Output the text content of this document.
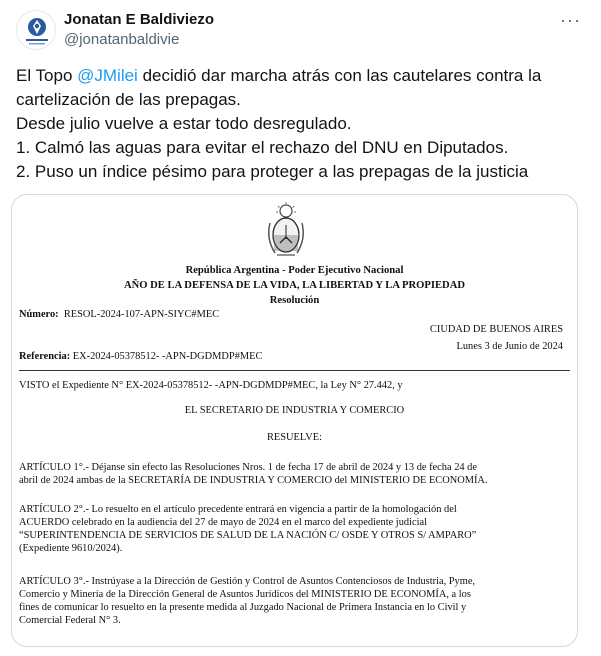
Jonatan E Baldiviezo
@jonatanbaldivie
···
El Topo @JMilei decidió dar marcha atrás con las cautelares contra la
cartelización de las prepagas.
Desde julio vuelve a estar todo desregulado.
1. Calmó las aguas para evitar el rechazo del DNU en Diputados.
2. Puso un índice pésimo para proteger a las prepagas de la justicia
República Argentina - Poder Ejecutivo Nacional
AÑO DE LA DEFENSA DE LA VIDA, LA LIBERTAD Y LA PROPIEDAD
Resolución
Número: RESOL-2024-107-APN-SIYC#MEC
CIUDAD DE BUENOS AIRES
Lunes 3 de Junio de 2024
Referencia: EX-2024-05378512- -APN-DGDMDP#MEC
VISTO el Expediente N° EX-2024-05378512- -APN-DGDMDP#MEC, la Ley N° 27.442, y
EL SECRETARIO DE INDUSTRIA Y COMERCIO
RESUELVE:
ARTÍCULO 1°.- Déjanse sin efecto las Resoluciones Nros. 1 de fecha 17 de abril de 2024 y 13 de fecha 24 de
abril de 2024 ambas de la SECRETARÍA DE INDUSTRIA Y COMERCIO del MINISTERIO DE ECONOMÍA.
ARTÍCULO 2°.- Lo resuelto en el artículo precedente entrará en vigencia a partir de la homologación del
ACUERDO celebrado en la audiencia del 27 de mayo de 2024 en el marco del expediente judicial
“SUPERINTENDENCIA DE SERVICIOS DE SALUD DE LA NACIÓN C/ OSDE Y OTROS S/ AMPARO”
(Expediente 9610/2024).
ARTÍCULO 3°.- Instrúyase a la Dirección de Gestión y Control de Asuntos Contenciosos de Industria, Pyme,
Comercio y Minería de la Dirección General de Asuntos Jurídicos del MINISTERIO DE ECONOMÍA, a los
fines de comunicar lo resuelto en la presente medida al Juzgado Nacional de Primera Instancia en lo Civil y
Comercial Federal N° 3.
